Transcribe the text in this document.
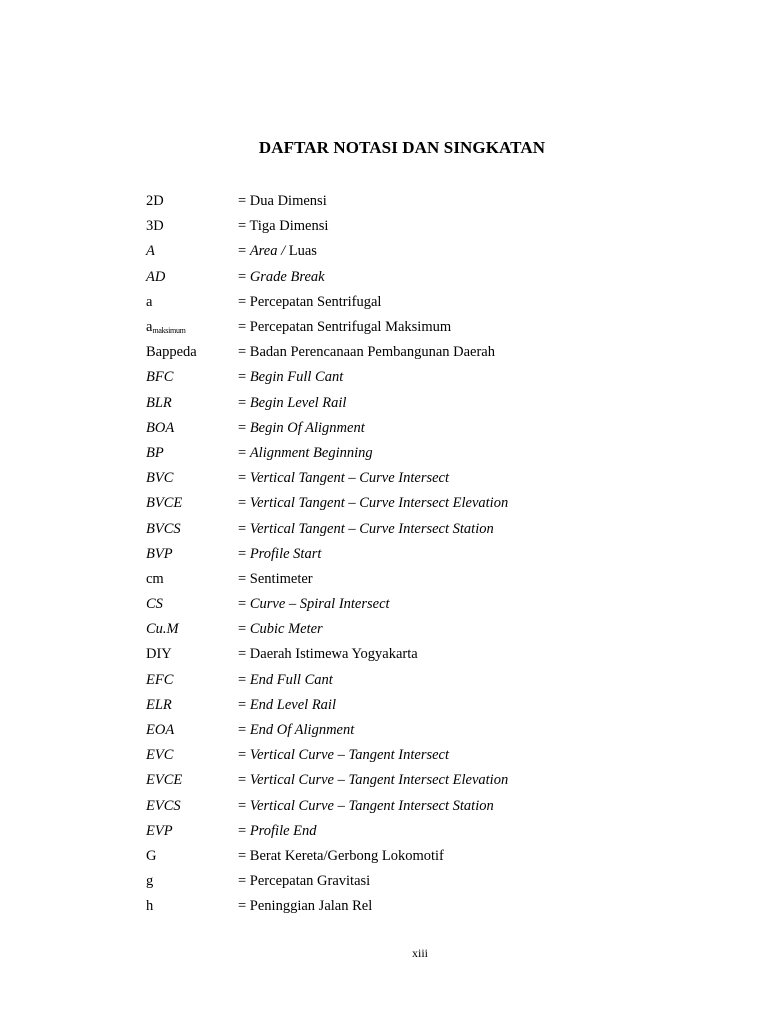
DAFTAR NOTASI DAN SINGKATAN
2D	= Dua Dimensi
3D	= Tiga Dimensi
A	= Area / Luas
AD	= Grade Break
a	= Percepatan Sentrifugal
$a_{maksimum}$	= Percepatan Sentrifugal Maksimum
Bappeda	= Badan Perencanaan Pembangunan Daerah
BFC	= Begin Full Cant
BLR	= Begin Level Rail
BOA	= Begin Of Alignment
BP	= Alignment Beginning
BVC	= Vertical Tangent – Curve Intersect
BVCE	= Vertical Tangent – Curve Intersect Elevation
BVCS	= Vertical Tangent – Curve Intersect Station
BVP	= Profile Start
cm	= Sentimeter
CS	= Curve – Spiral Intersect
Cu.M	= Cubic Meter
DIY	= Daerah Istimewa Yogyakarta
EFC	= End Full Cant
ELR	= End Level Rail
EOA	= End Of Alignment
EVC	= Vertical Curve – Tangent Intersect
EVCE	= Vertical Curve – Tangent Intersect Elevation
EVCS	= Vertical Curve – Tangent Intersect Station
EVP	= Profile End
G	= Berat Kereta/Gerbong Lokomotif
g	= Percepatan Gravitasi
h	= Peninggian Jalan Rel
xiii
